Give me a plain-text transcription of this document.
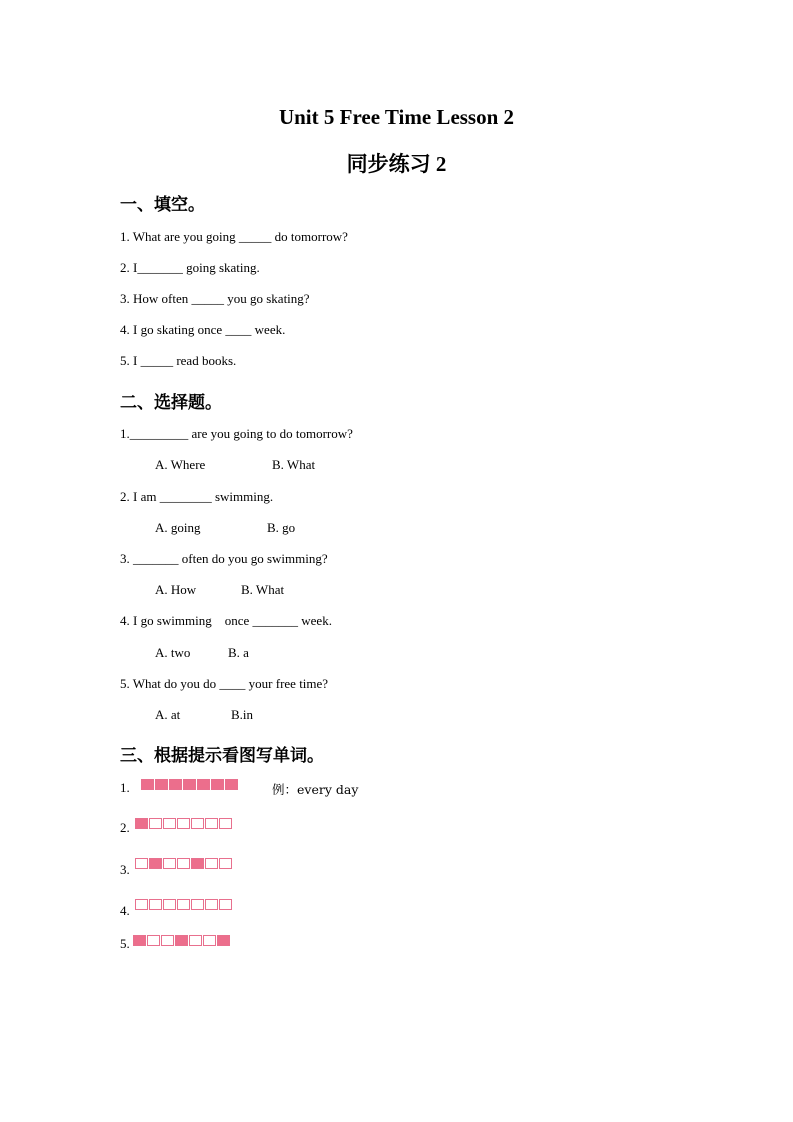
Unit 5 Free Time Lesson 2
同步练习 2
一、填空。
1. What are you going _____ do tomorrow?
2. I_______ going skating.
3. How often _____ you go skating?
4. I go skating once ____ week.
5. I _____ read books.
二、选择题。
1._________ are you going to do tomorrow?
A. Where	B. What
2. I am ________ swimming.
A. going	B. go
3. _______ often do you go swimming?
A. How	B. What
4. I go swimming    once _______ week.
A. two	B. a
5. What do you do ____ your free time?
A. at	B.in
三、根据提示看图写单词。
1.	例：every day
2.
3.
4.
5.
